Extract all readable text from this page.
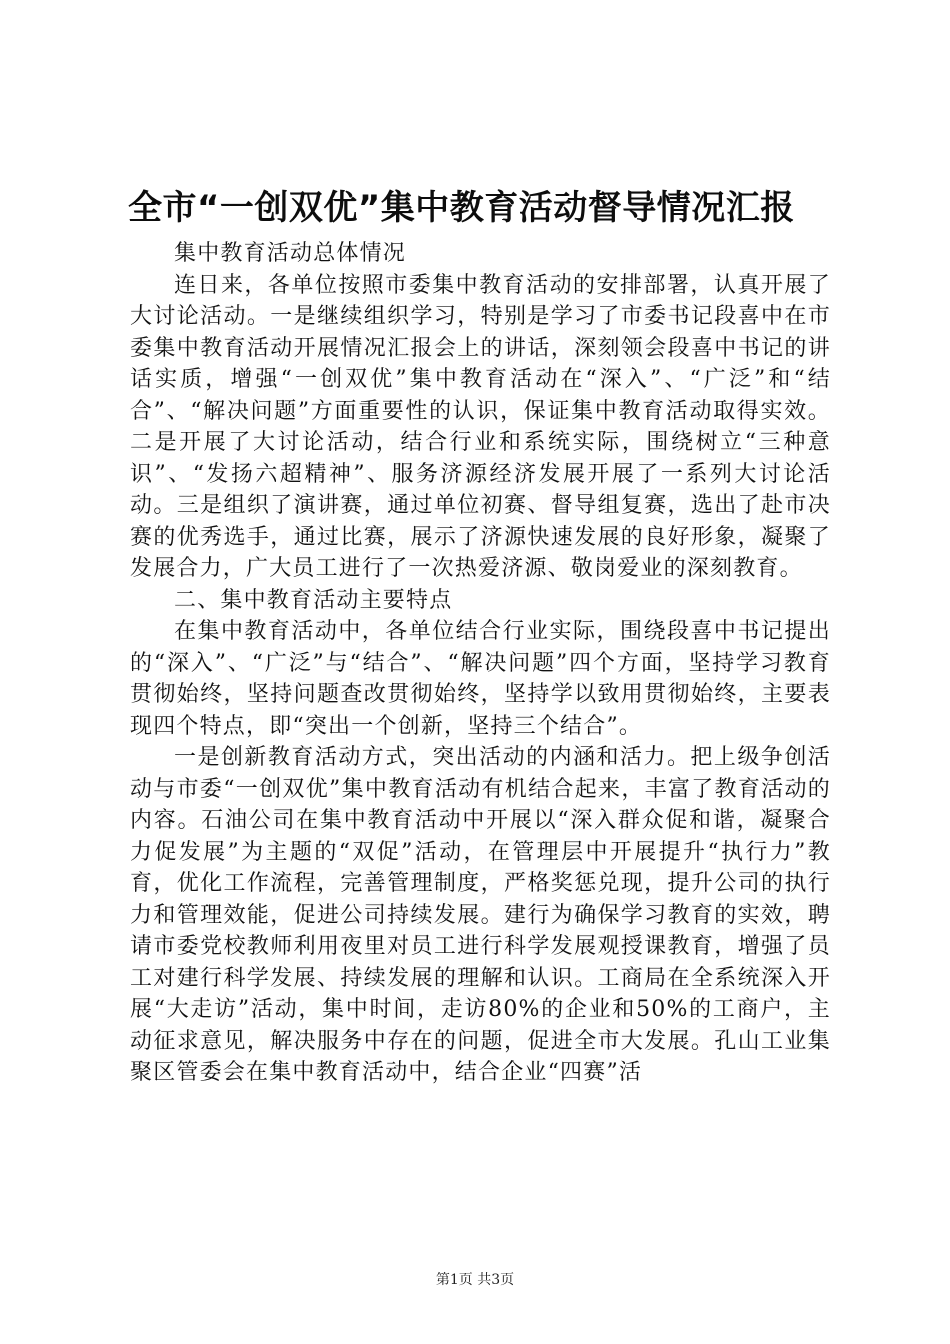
全市“一创双优”集中教育活动督导情况汇报

集中教育活动总体情况

连日来，各单位按照市委集中教育活动的安排部署，认真开展了大讨论活动。一是继续组织学习，特别是学习了市委书记段喜中在市委集中教育活动开展情况汇报会上的讲话，深刻领会段喜中书记的讲话实质，增强“一创双优”集中教育活动在“深入”、“广泛”和“结合”、“解决问题”方面重要性的认识，保证集中教育活动取得实效。二是开展了大讨论活动，结合行业和系统实际，围绕树立“三种意识”、“发扬六超精神”、服务济源经济发展开展了一系列大讨论活动。三是组织了演讲赛，通过单位初赛、督导组复赛，选出了赴市决赛的优秀选手，通过比赛，展示了济源快速发展的良好形象，凝聚了发展合力，广大员工进行了一次热爱济源、敬岗爱业的深刻教育。

二、集中教育活动主要特点

在集中教育活动中，各单位结合行业实际，围绕段喜中书记提出的“深入”、“广泛”与“结合”、“解决问题”四个方面，坚持学习教育贯彻始终，坚持问题查改贯彻始终，坚持学以致用贯彻始终，主要表现四个特点，即“突出一个创新，坚持三个结合”。

一是创新教育活动方式，突出活动的内涵和活力。把上级争创活动与市委“一创双优”集中教育活动有机结合起来，丰富了教育活动的内容。石油公司在集中教育活动中开展以“深入群众促和谐，凝聚合力促发展”为主题的“双促”活动，在管理层中开展提升“执行力”教育，优化工作流程，完善管理制度，严格奖惩兑现，提升公司的执行力和管理效能，促进公司持续发展。建行为确保学习教育的实效，聘请市委党校教师利用夜里对员工进行科学发展观授课教育，增强了员工对建行科学发展、持续发展的理解和认识。工商局在全系统深入开展“大走访”活动，集中时间，走访80%的企业和50%的工商户，主动征求意见，解决服务中存在的问题，促进全市大发展。孔山工业集聚区管委会在集中教育活动中，结合企业“四赛”活

第1页 共3页
